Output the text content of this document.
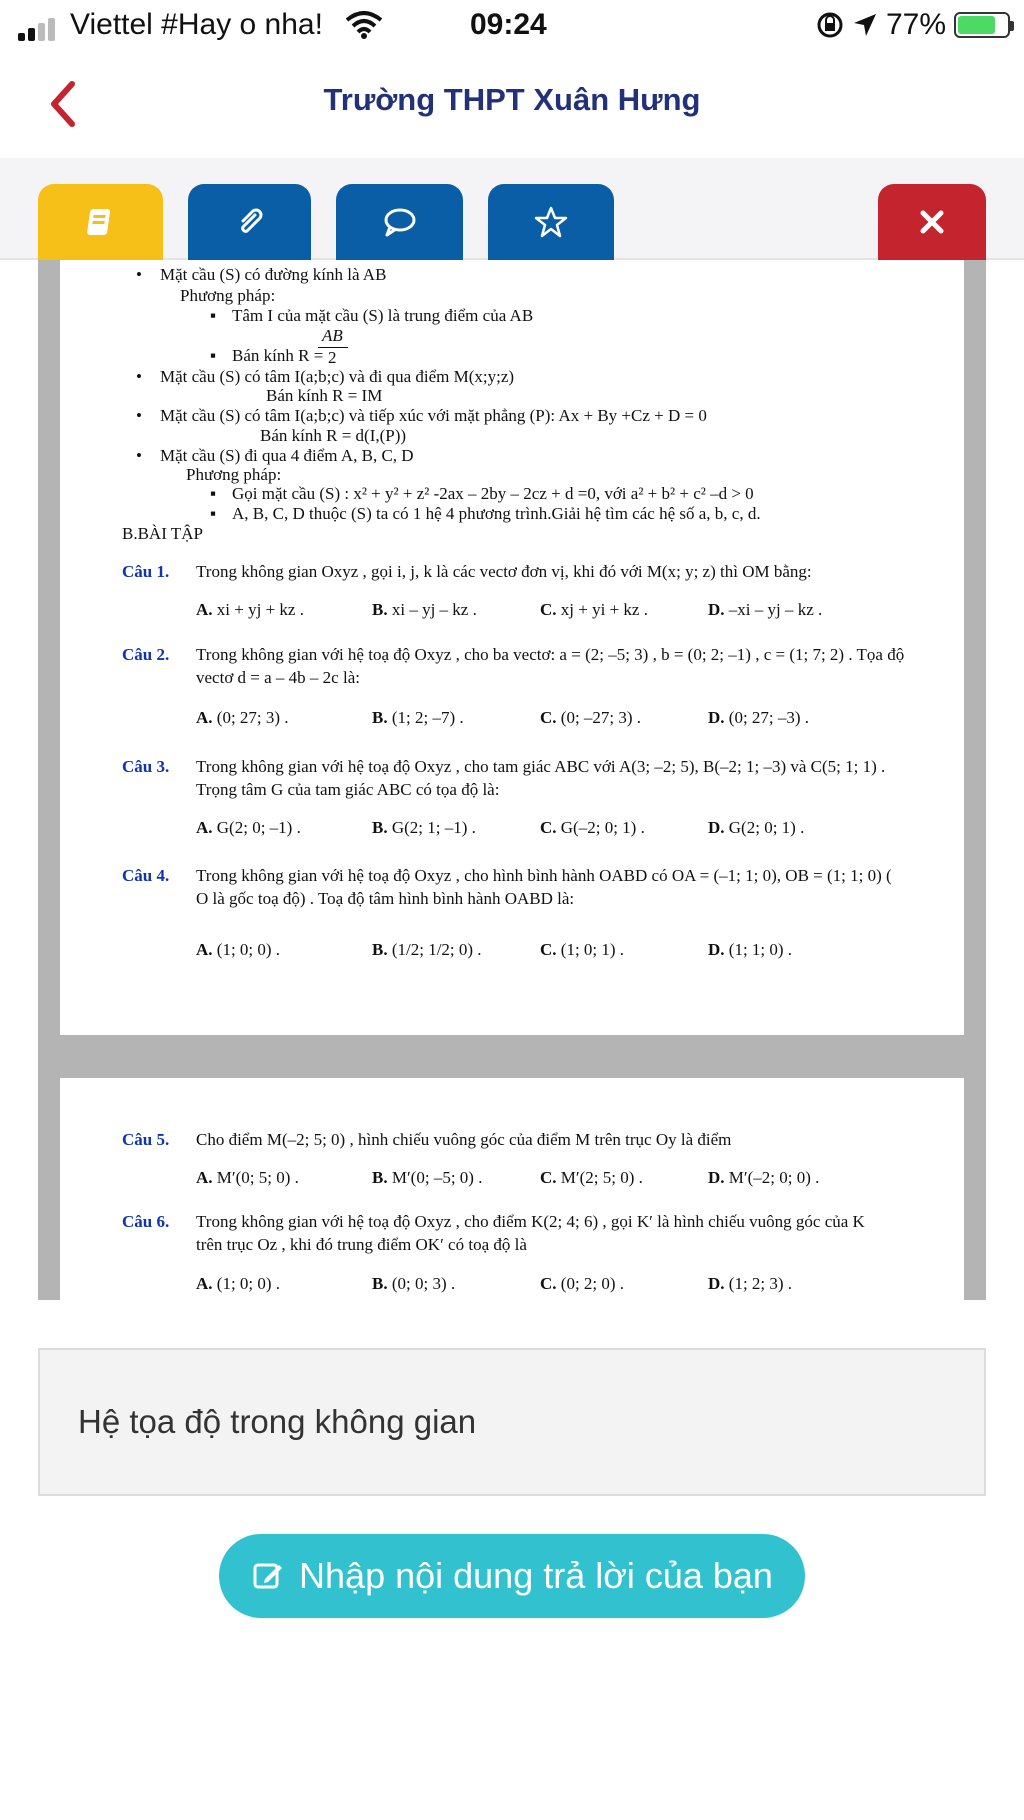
Viettel #Hay o nha!	09:24	77%
Trường THPT Xuân Hưng
• Mặt cầu (S) có đường kính là AB
Phương pháp:
▪ Tâm I của mặt cầu (S) là trung điểm của AB
AB
▪ Bán kính R = 2
• Mặt cầu (S) có tâm I(a;b;c) và đi qua điểm M(x;y;z)
Bán kính R = IM
• Mặt cầu (S) có tâm I(a;b;c) và tiếp xúc với mặt phẳng (P): Ax + By +Cz + D = 0
Bán kính R = d(I,(P))
• Mặt cầu (S) đi qua 4 điểm A, B, C, D
Phương pháp:
▪ Gọi mặt cầu (S) : x² + y² + z² -2ax – 2by – 2cz + d =0, với a² + b² + c² –d > 0
▪ A, B, C, D thuộc (S) ta có 1 hệ 4 phương trình.Giải hệ tìm các hệ số a, b, c, d.
B.BÀI TẬP
Câu 1. Trong không gian Oxyz , gọi i, j, k là các vectơ đơn vị, khi đó với M(x; y; z) thì OM bằng:
A. xi + yj + kz .	B. xi – yj – kz .	C. xj + yi + kz .	D. –xi – yj – kz .
Câu 2. Trong không gian với hệ toạ độ Oxyz , cho ba vectơ: a = (2; –5; 3) , b = (0; 2; –1) , c = (1; 7; 2) . Tọa độ
vectơ d = a – 4b – 2c là:
A. (0; 27; 3) .	B. (1; 2; –7) .	C. (0; –27; 3) .	D. (0; 27; –3) .
Câu 3. Trong không gian với hệ toạ độ Oxyz , cho tam giác ABC với A(3; –2; 5), B(–2; 1; –3) và C(5; 1; 1) .
Trọng tâm G của tam giác ABC có tọa độ là:
A. G(2; 0; –1) .	B. G(2; 1; –1) .	C. G(–2; 0; 1) .	D. G(2; 0; 1) .
Câu 4. Trong không gian với hệ toạ độ Oxyz , cho hình bình hành OABD có OA = (–1; 1; 0), OB = (1; 1; 0) (
O là gốc toạ độ) . Toạ độ tâm hình bình hành OABD là:
A. (1; 0; 0) .	B. (1/2; 1/2; 0) .	C. (1; 0; 1) .	D. (1; 1; 0) .
Câu 5. Cho điểm M(–2; 5; 0) , hình chiếu vuông góc của điểm M trên trục Oy là điểm
A. M′(0; 5; 0) .	B. M′(0; –5; 0) .	C. M′(2; 5; 0) .	D. M′(–2; 0; 0) .
Câu 6. Trong không gian với hệ toạ độ Oxyz , cho điểm K(2; 4; 6) , gọi K′ là hình chiếu vuông góc của K
trên trục Oz , khi đó trung điểm OK′ có toạ độ là
A. (1; 0; 0) .	B. (0; 0; 3) .	C. (0; 2; 0) .	D. (1; 2; 3) .
Hệ tọa độ trong không gian
Nhập nội dung trả lời của bạn
